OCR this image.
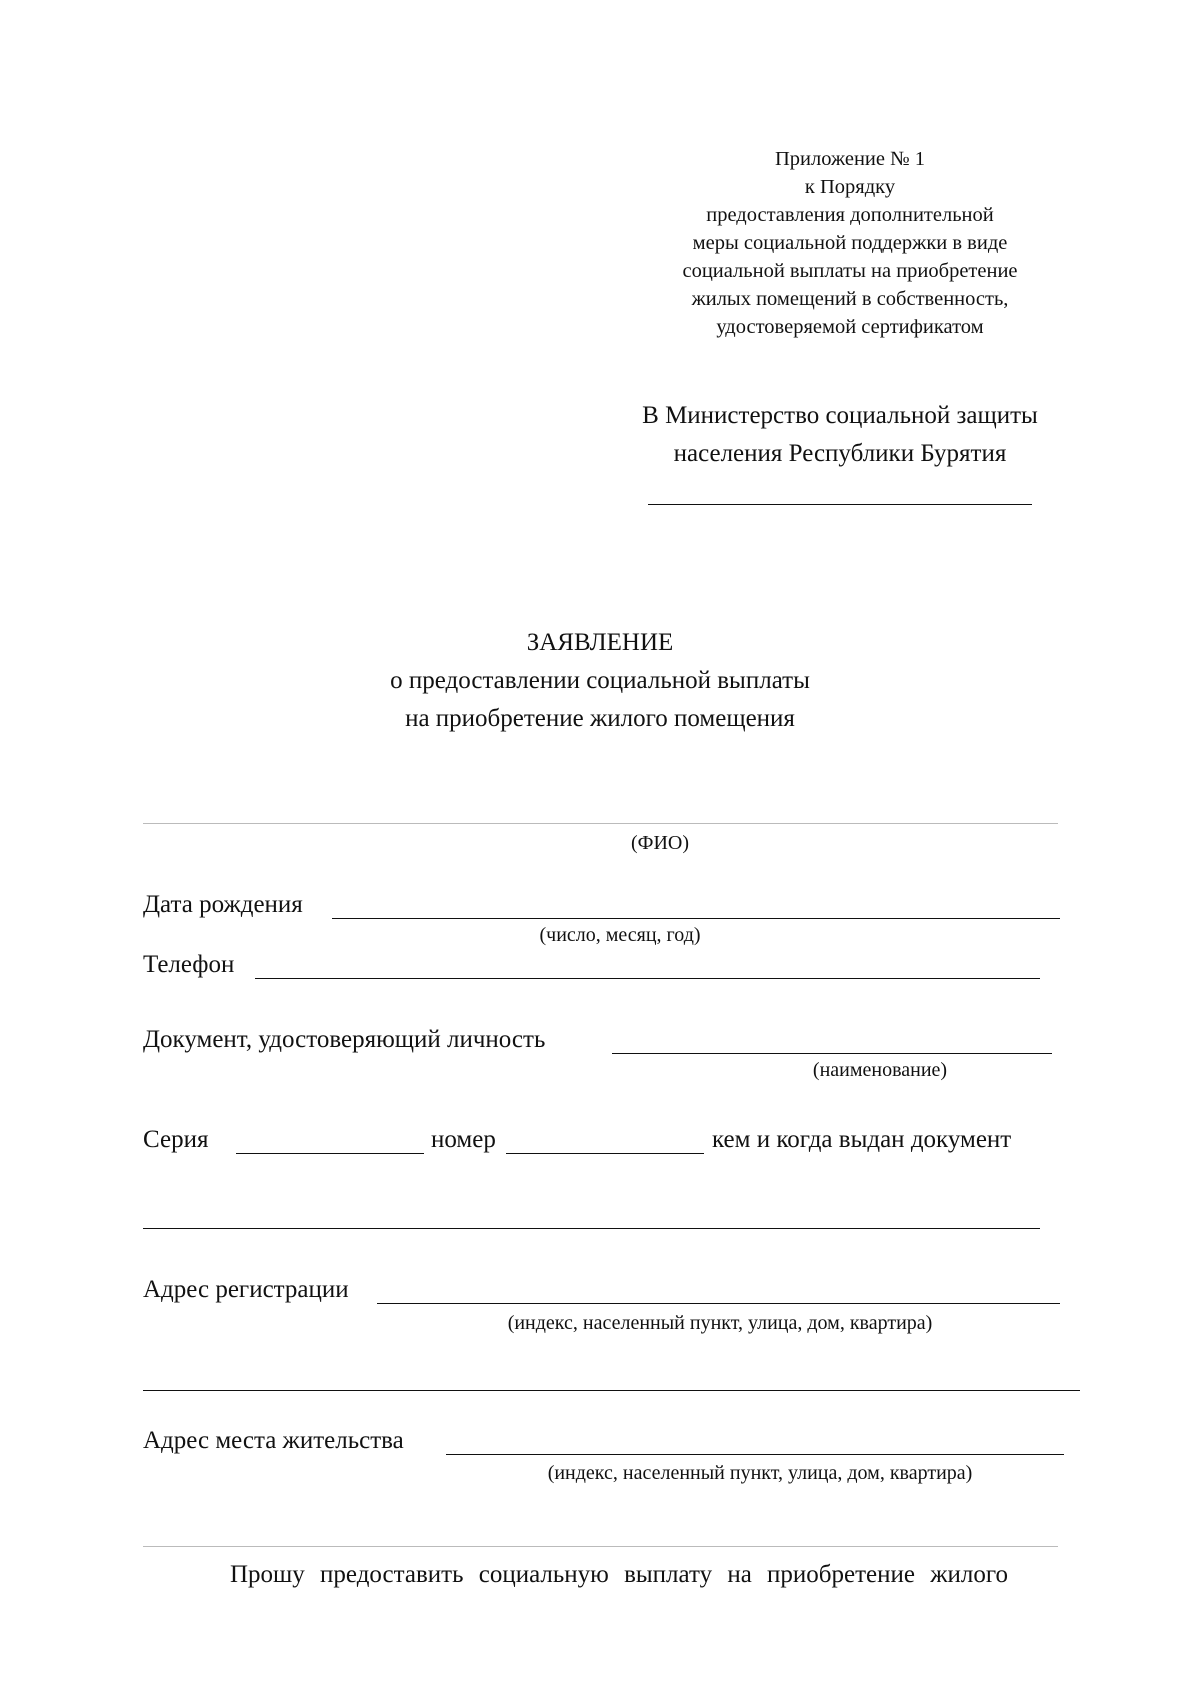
Приложение № 1
к Порядку
предоставления дополнительной
меры социальной поддержки в виде
социальной выплаты на приобретение
жилых помещений в собственность,
удостоверяемой сертификатом
В Министерство социальной защиты
населения Республики Бурятия
ЗАЯВЛЕНИЕ
о предоставлении социальной выплаты
на приобретение жилого помещения
(ФИО)
Дата рождения
(число, месяц, год)
Телефон
Документ, удостоверяющий личность
(наименование)
Серия	номер	кем и когда выдан документ
Адрес регистрации
(индекс, населенный пункт, улица, дом, квартира)
Адрес места жительства
(индекс, населенный пункт, улица, дом, квартира)
Прошу предоставить социальную выплату на приобретение жилого
